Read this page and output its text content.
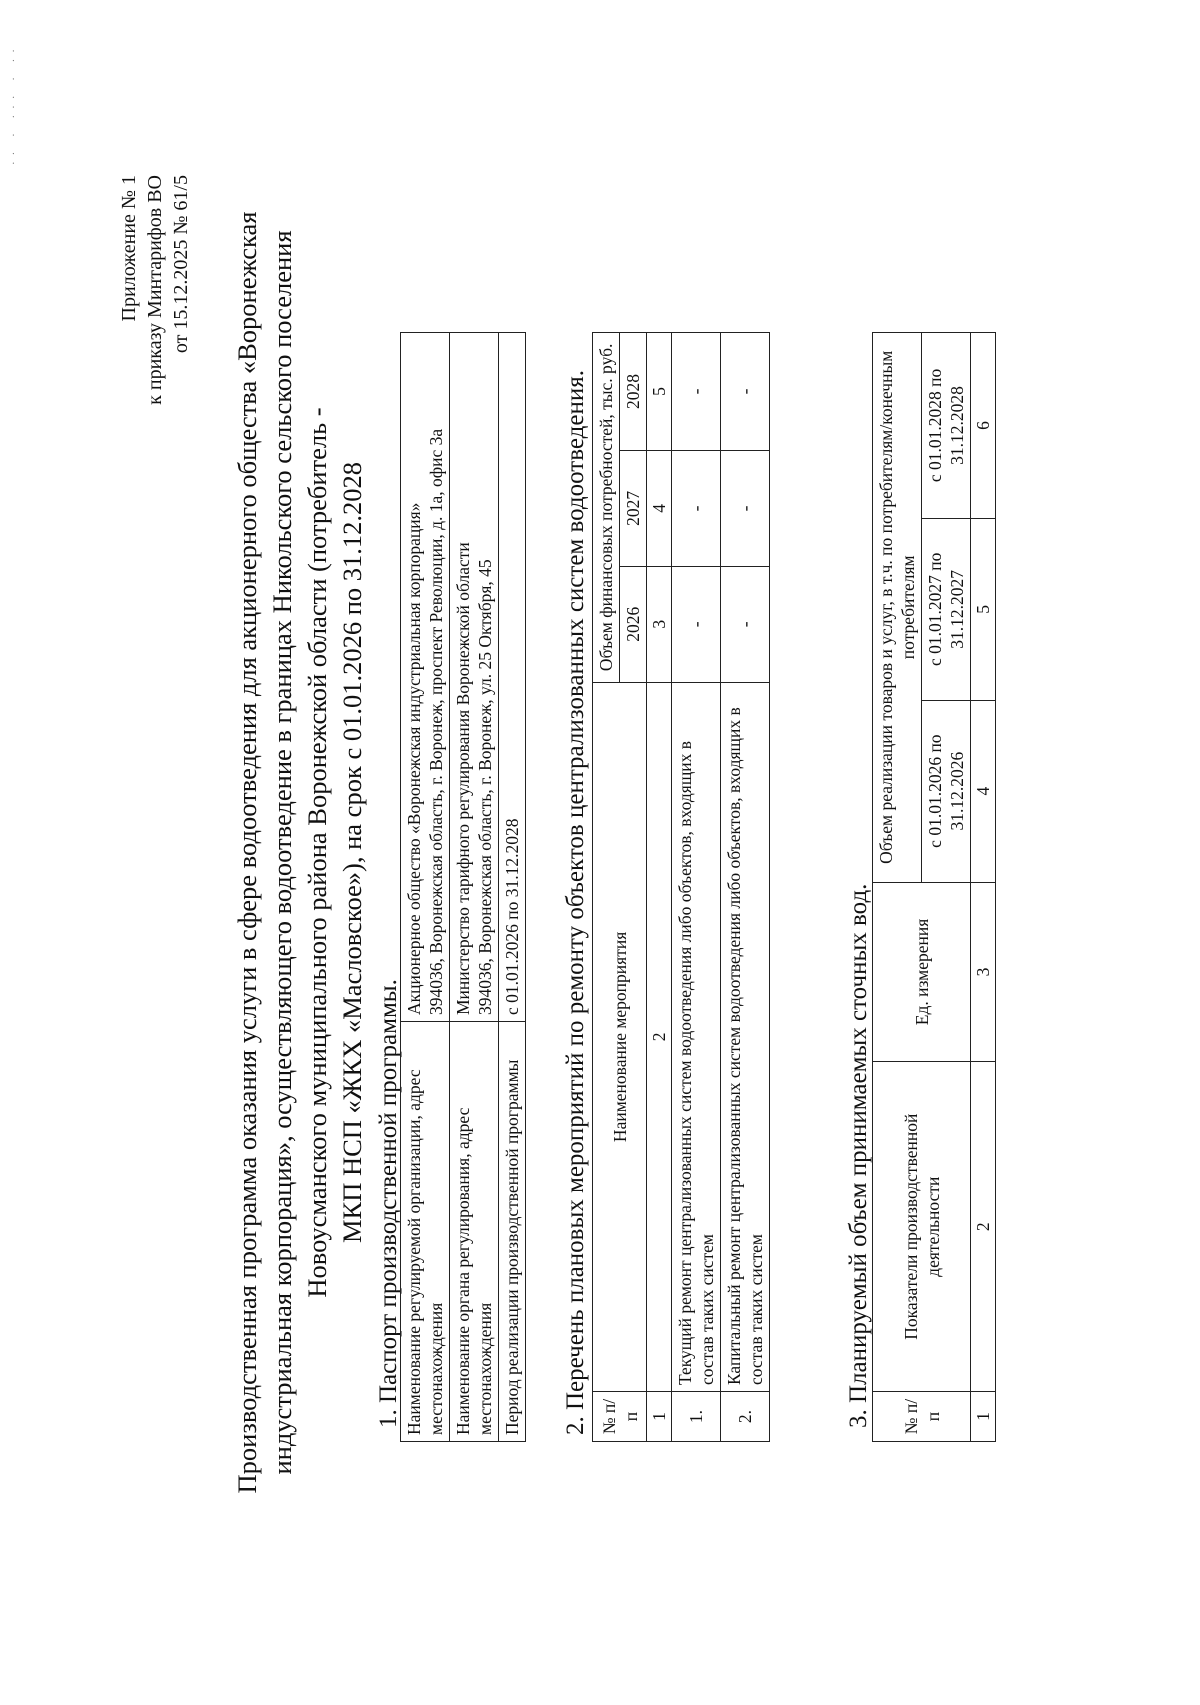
·· · ··· · ··
Приложение № 1 к приказу Минтарифов ВО от 15.12.2025 № 61/5 Производственная программа оказания услуги в сфере водоотведения для акционерного общества «Воронежская индустриальная корпорация», осуществляющего водоотведение в границах Никольского сельского поселения Новоусманского муниципального района Воронежской области (потребитель - МКП НСП «ЖКХ «Масловское»), на срок с 01.01.2026 по 31.12.2028 1. Паспорт производственной программы. Наименование регулируемой организации, адрес местонахождения	Акционерное общество «Воронежская индустриальная корпорация» 394036, Воронежская область, г. Воронеж, проспект Революции, д. 1а, офис 3а

Наименование органа регулирования, адрес местонахождения	Министерство тарифного регулирования Воронежской области 394036, Воронежская область, г. Воронеж, ул. 25 Октября, 45

Период реализации производственной программы	с 01.01.2026 по 31.12.2028 2. Перечень плановых мероприятий по ремонту объектов централизованных систем водоотведения. № п/п	Наименование мероприятия	Объем финансовых потребностей, тыс. руб.		
		2026	2027	2028
1	2	3	4	5
1.	Текущий ремонт централизованных систем водоотведения либо объектов, входящих в состав таких систем	-	-	-
2.	Капитальный ремонт централизованных систем водоотведения либо объектов, входящих в состав таких систем	-	-	-
3. Планируемый объем принимаемых сточных вод. № п/п	Показатели производственной деятельности	Ед. измерения	Объем реализации товаров и услуг, в т.ч. по потребителям/конечным потребителям		
			с 01.01.2026 по 31.12.2026	с 01.01.2027 по 31.12.2027	с 01.01.2028 по 31.12.2028
1	2	3	4	5	6
